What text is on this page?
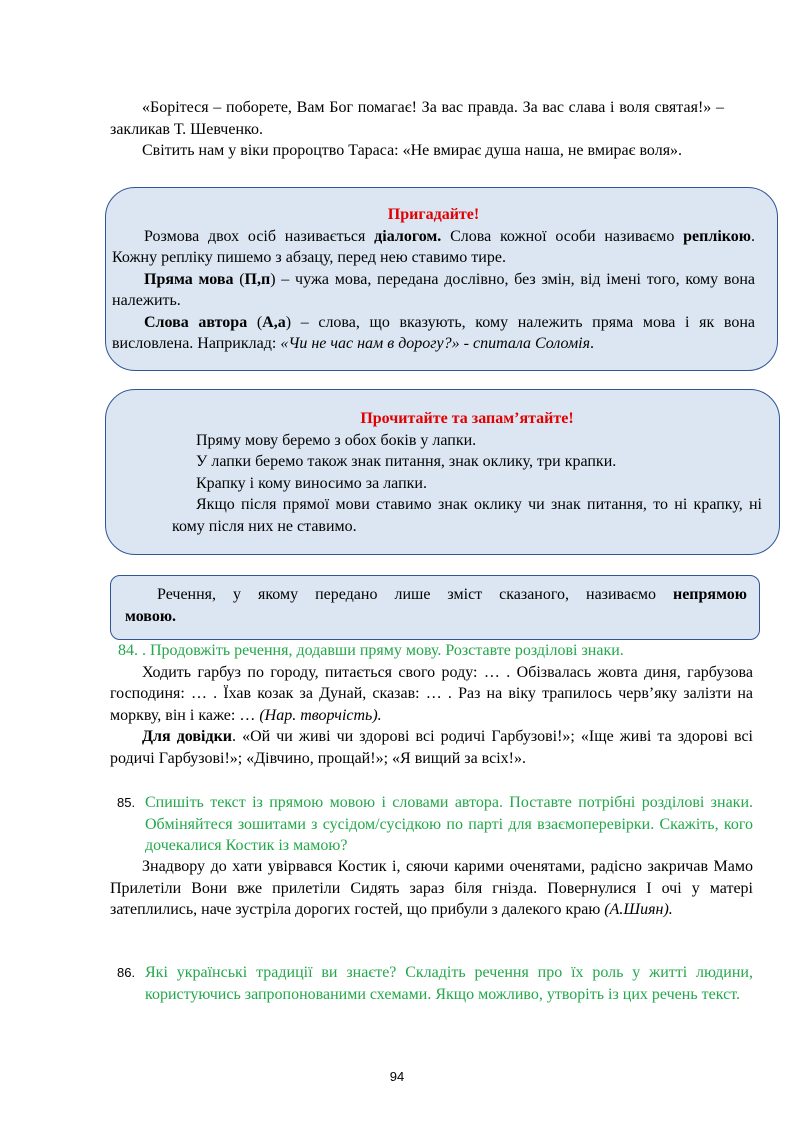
«Борітеся – поборете, Вам Бог помагає! За вас правда. За вас слава і воля святая!» – закликав Т. Шевченко.

Світить нам у віки пророцтво Тараса: «Не вмирає душа наша, не вмирає воля».

Пригадайте!

Розмова двох осіб називається діалогом. Слова кожної особи називаємо реплікою. Кожну репліку пишемо з абзацу, перед нею ставимо тире.

Пряма мова (П,п) – чужа мова, передана дослівно, без змін, від імені того, кому вона належить.

Слова автора (А,а) – слова, що вказують, кому належить пряма мова і як вона висловлена. Наприклад: «Чи не час нам в дорогу?» - спитала Соломія.

Прочитайте та запам’ятайте!

Пряму мову беремо з обох боків у лапки.

У лапки беремо також знак питання, знак оклику, три крапки.

Крапку і кому виносимо за лапки.

Якщо після прямої мови ставимо знак оклику чи знак питання, то ні крапку, ні кому після них не ставимо.

Речення, у якому передано лише зміст сказаного, називаємо непрямою мовою.

84. . Продовжіть речення, додавши пряму мову. Розставте розділові знаки.

Ходить гарбуз по городу, питається свого роду: … . Обізвалась жовта диня, гарбузова господиня: … . Їхав козак за Дунай, сказав: … . Раз на віку трапилось черв’яку залізти на моркву, він і каже: … (Нар. творчість).

Для довідки. «Ой чи живі чи здорові всі родичі Гарбузові!»; «Іще живі та здорові всі родичі Гарбузові!»; «Дівчино, прощай!»; «Я вищий за всіх!».

85. Спишіть текст із прямою мовою і словами автора. Поставте потрібні розділові знаки. Обміняйтеся зошитами з сусідом/сусідкою по парті для взаємоперевірки. Скажіть, кого дочекалися Костик із мамою?

Знадвору до хати увірвався Костик і, сяючи карими оченятами, радісно закричав Мамо Прилетіли Вони вже прилетіли Сидять зараз біля гнізда. Повернулися І очі у матері затеплились, наче зустріла дорогих гостей, що прибули з далекого краю (А.Шиян).

86. Які українські традиції ви знаєте? Складіть речення про їх роль у житті людини, користуючись запропонованими схемами. Якщо можливо, утворіть із цих речень текст.

94
